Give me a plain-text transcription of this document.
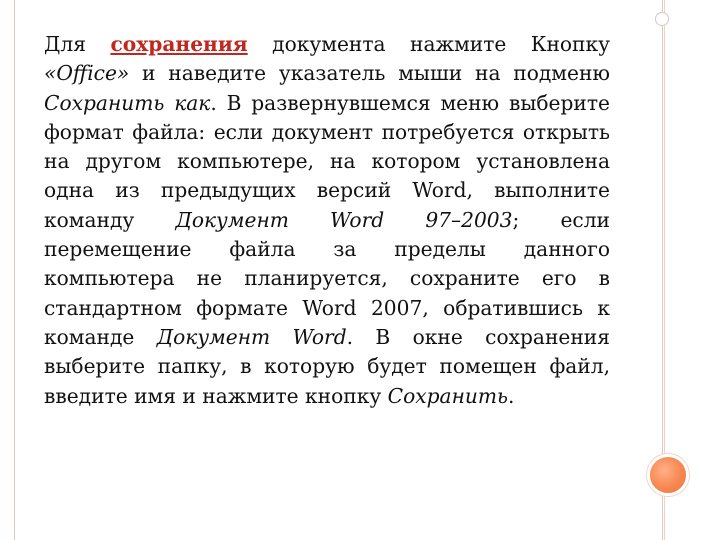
Для сохранения документа нажмите Кнопку «Office» и наведите указатель мыши на подменю Сохранить как. В развернувшемся меню выберите формат файла: если документ потребуется открыть на другом компьютере, на котором установлена одна из предыдущих версий Word, выполните команду Документ Word 97–2003; если перемещение файла за пределы данного компьютера не планируется, сохраните его в стандартном формате Word 2007, обратившись к команде Документ Word. В окне сохранения выберите папку, в которую будет помещен файл, введите имя и нажмите кнопку Сохранить.
